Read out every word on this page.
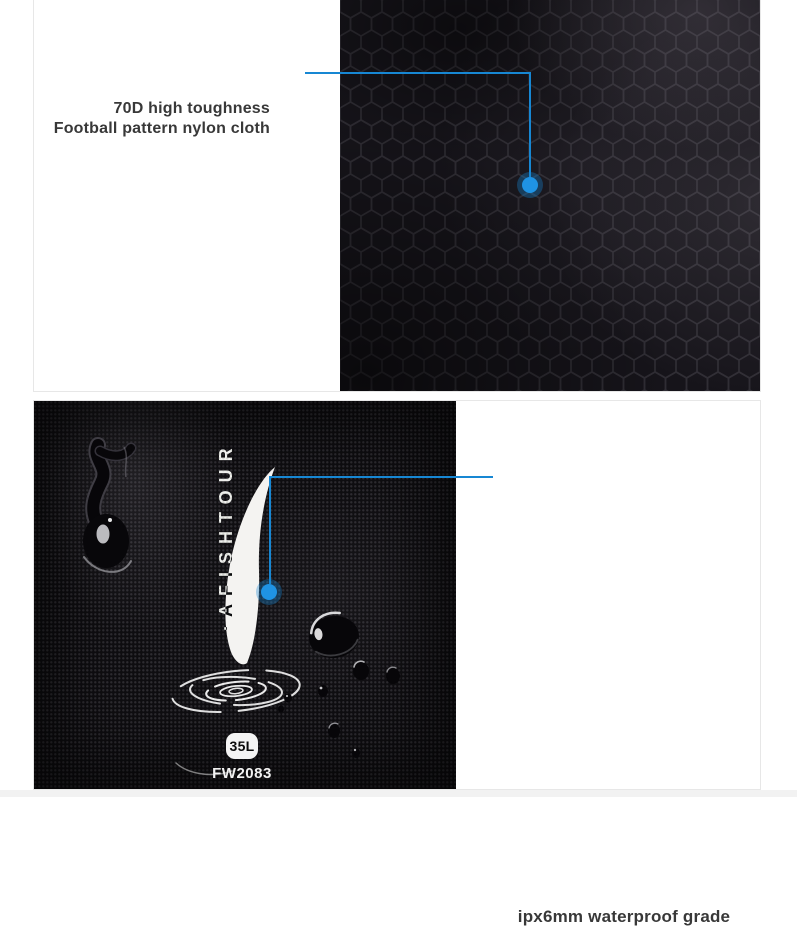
70D high toughness
Football pattern nylon cloth
·AFISHTOUR
35L
FW2083
ipx6mm waterproof grade
